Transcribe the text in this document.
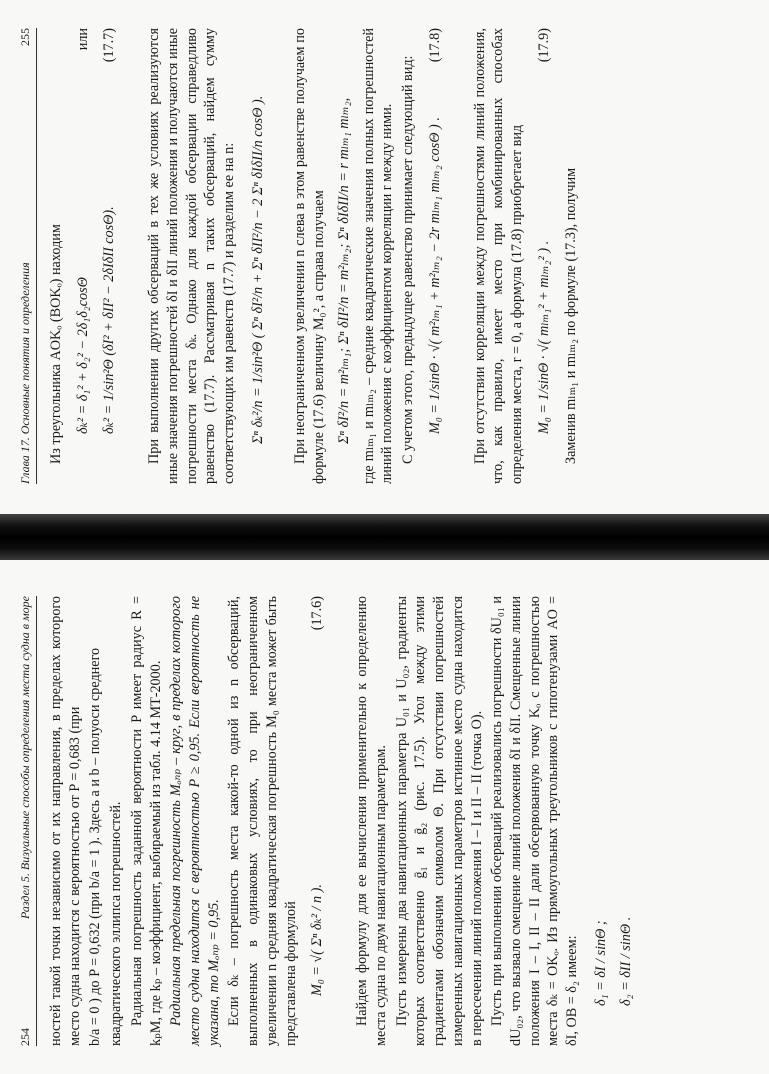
254
Раздел 5. Визуальные способы определения места судна в море ностей такой точки независимо от их направления, в пределах которого место судна находится с вероятностью от P = 0,683 (при b/a = 0 ) до P = 0,632 (при b/a = 1 ). Здесь a и b – полуоси среднего квадратического эллипса погрешностей. Радиальная погрешность заданной вероятности P имеет радиус R = kₚM, где kₚ – коэффициент, выбираемый из табл. 4.14 МТ-2000. Радиальная предельная погрешность Mₒₙₚ – круг, в пределах которого место судна находится с вероятностью P ≥ 0,95. Если вероятность не указана, то Mₒₙₚ = 0,95. Если δₖ – погрешность места какой-то одной из n обсерваций, выполненных в одинаковых условиях, то при неограниченном увеличении n средняя квадратическая погрешность M₀ места может быть представлена формулой M₀ = √( Σⁿ δₖ² / n ).
(17.6) Найдем формулу для ее вычисления применительно к определению места судна по двум навигационным параметрам. Пусть измерены два навигационных параметра U₀₁ и U₀₂, градиенты которых соответственно ḡ₁ и ḡ₂ (рис. 17.5). Угол между этими градиентами обозначим символом Θ. При отсутствии погрешностей измеренных навигационных параметров истинное место судна находится в пересечении линий положения I – I и II – II (точка O). Пусть при выполнении обсерваций реализовались погрешности δU₀₁ и dU₀₂, что вызвало смещение линий положения δI и δII. Смещенные линии положения I – I, II – II дали обсервованную точку Kₒ с погрешностью места δₖ = OKₒ. Из прямоугольных треугольников с гипотенузами AO = δI, OB = δ₂ имеем: δ₁ = δI / sinΘ ; δ₂ = δII / sinΘ .
Глава 17. Основные понятия и определения
255

Из треугольника AOKₒ (BOKₒ) находим δₖ² = δ₁² + δ₂² − 2δ₁δ₂cosΘ
или
δₖ² = 1/sin²Θ (δI² + δII² − 2δIδII cosΘ).
(17.7) При выполнении других обсерваций в тех же условиях реализуются иные значения погрешностей δI и δII линий положения и получаются иные погрешности места δₖ. Однако для каждой обсервации справедливо равенство (17.7). Рассматривая n таких обсерваций, найдем сумму соответствующих им равенств (17.7) и разделим ее на n: Σⁿ δₖ²/n = 1/sin²Θ ( Σⁿ δI²/n + Σⁿ δII²/n − 2 Σⁿ δIδII/n cosΘ ). При неограниченном увеличении n слева в этом равенстве получаем по формуле (17.6) величину M₀², а справа получаем Σⁿ δI²/n = m²ₗₘ₁; Σⁿ δII²/n = m²ₗₘ₂; Σⁿ δIδII/n = r mₗₘ₁ mₗₘ₂, где mₗₘ₁ и mₗₘ₂ – средние квадратические значения полных погрешностей линий положения с коэффициентом корреляции r между ними. С учетом этого, предыдущее равенство принимает следующий вид: M₀ = 1/sinΘ · √( m²ₗₘ₁ + m²ₗₘ₂ − 2r mₗₘ₁ mₗₘ₂ cosΘ ) .
(17.8) При отсутствии корреляции между погрешностями линий положения, что, как правило, имеет место при комбинированных способах определения места, r = 0, а формула (17.8) приобретает вид M₀ = 1/sinΘ · √( mₗₘ₁² + mₗₘ₂² ) .
(17.9)

Заменив mₗₘ₁ и mₗₘ₂ по формуле (17.3), получим
